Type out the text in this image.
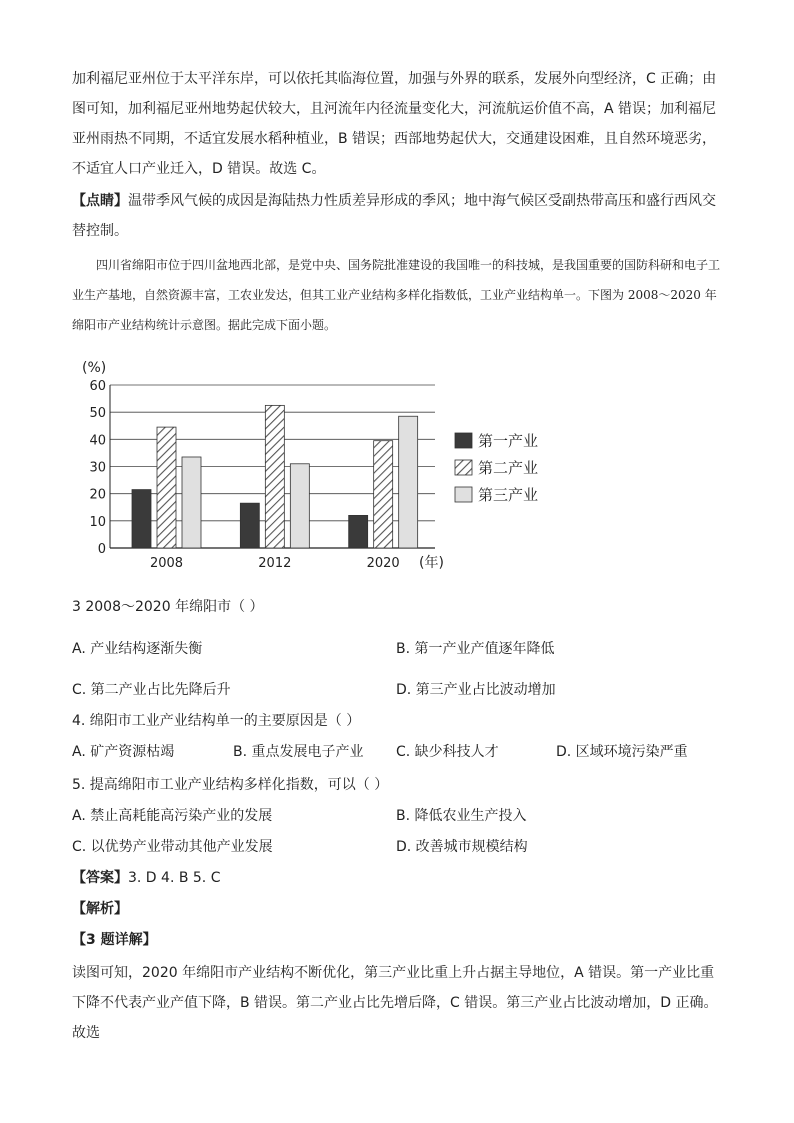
加利福尼亚州位于太平洋东岸，可以依托其临海位置，加强与外界的联系，发展外向型经济，C 正确；由图可知，加利福尼亚州地势起伏较大，且河流年内径流量变化大，河流航运价值不高，A 错误；加利福尼亚州雨热不同期，不适宜发展水稻种植业，B 错误；西部地势起伏大，交通建设困难，且自然环境恶劣，不适宜人口产业迁入，D 错误。故选 C。

【点睛】温带季风气候的成因是海陆热力性质差异形成的季风；地中海气候区受副热带高压和盛行西风交替控制。

四川省绵阳市位于四川盆地西北部，是党中央、国务院批准建设的我国唯一的科技城，是我国重要的国防科研和电子工业生产基地，自然资源丰富，工农业发达，但其工业产业结构多样化指数低，工业产业结构单一。下图为 2008～2020 年绵阳市产业结构统计示意图。据此完成下面小题。

(%)
0
10
20
30
40
50
60
2008	2012	2020 (年)
第一产业
第二产业
第三产业
3 2008～2020 年绵阳市（ ）
A. 产业结构逐渐失衡	B. 第一产业产值逐年降低
C. 第二产业占比先降后升	D. 第三产业占比波动增加
4. 绵阳市工业产业结构单一的主要原因是（ ）
A. 矿产资源枯竭	B. 重点发展电子产业 C. 缺少科技人才	D. 区域环境污染严重
5. 提高绵阳市工业产业结构多样化指数，可以（ ）
A. 禁止高耗能高污染产业的发展	B. 降低农业生产投入
C. 以优势产业带动其他产业发展	D. 改善城市规模结构
【答案】3. D 4. B 5. C
【解析】
【3 题详解】

读图可知，2020 年绵阳市产业结构不断优化，第三产业比重上升占据主导地位，A 错误。第一产业比重下降不代表产业产值下降，B 错误。第二产业占比先增后降，C 错误。第三产业占比波动增加，D 正确。故选
